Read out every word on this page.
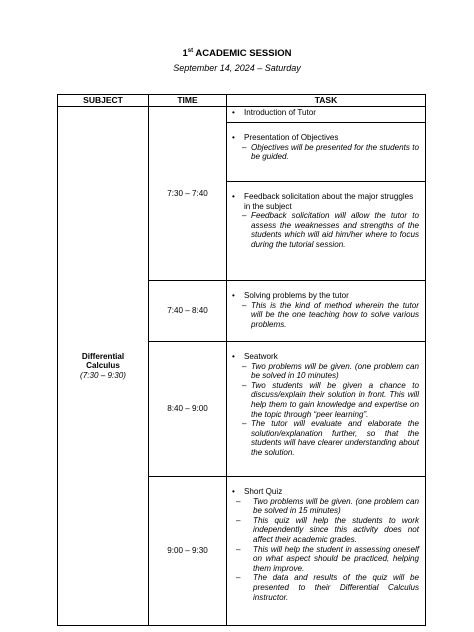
1st ACADEMIC SESSION
September 14, 2024 – Saturday
SUBJECT	TIME	TASK

Differential Calculus
(7:30 – 9:30)	7:30 – 7:40	• Introduction of Tutor

		• Presentation of Objectives
– Objectives will be presented for the students to be guided.

		• Feedback solicitation about the major struggles in the subject
– Feedback solicitation will allow the tutor to assess the weaknesses and strengths of the students which will aid him/her where to focus during the tutorial session.

	7:40 – 8:40	• Solving problems by the tutor
– This is the kind of method wherein the tutor will be the one teaching how to solve various problems.

	8:40 – 9:00	• Seatwork
– Two problems will be given. (one problem can be solved in 10 minutes)
– Two students will be given a chance to discuss/explain their solution in front. This will help them to gain knowledge and expertise on the topic through “peer learning”.
– The tutor will evaluate and elaborate the solution/explanation further, so that the students will have clearer understanding about the solution.

	9:00 – 9:30	• Short Quiz
– Two problems will be given. (one problem can be solved in 15 minutes)
– This quiz will help the students to work independently since this activity does not affect their academic grades.
– This will help the student in assessing oneself on what aspect should be practiced, helping them improve.
– The data and results of the quiz will be presented to their Differential Calculus instructor.
